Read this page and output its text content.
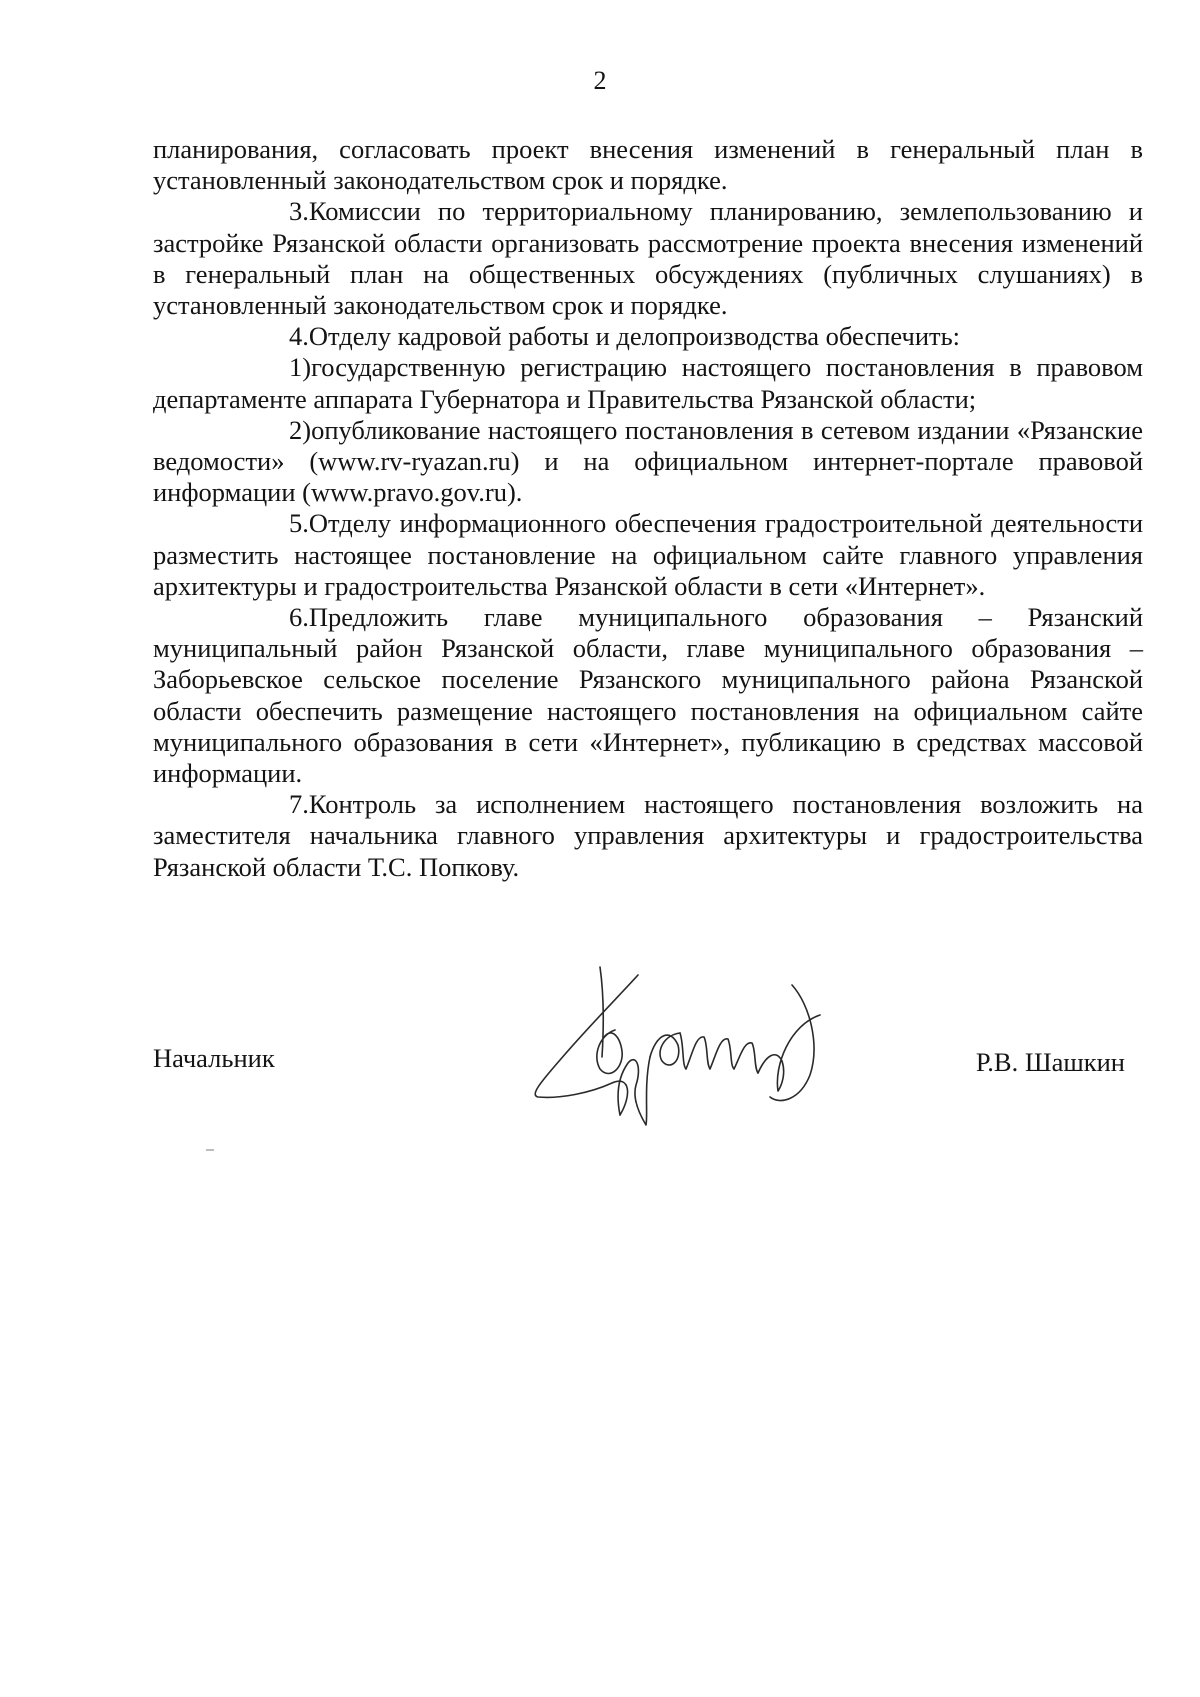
2

планирования, согласовать проект внесения изменений в генеральный план в установленный законодательством срок и порядке.

3.Комиссии по территориальному планированию, землепользованию и застройке Рязанской области организовать рассмотрение проекта внесения изменений в генеральный план на общественных обсуждениях (публичных слушаниях) в установленный законодательством срок и порядке.

4.Отделу кадровой работы и делопроизводства обеспечить:

1)государственную регистрацию настоящего постановления в правовом департаменте аппарата Губернатора и Правительства Рязанской области;

2)опубликование настоящего постановления в сетевом издании «Рязанские ведомости» (www.rv-ryazan.ru) и на официальном интернет-портале правовой информации (www.pravo.gov.ru).

5.Отделу информационного обеспечения градостроительной деятельности разместить настоящее постановление на официальном сайте главного управления архитектуры и градостроительства Рязанской области в сети «Интернет».

6.Предложить главе муниципального образования – Рязанский муниципальный район Рязанской области, главе муниципального образования – Заборьевское сельское поселение Рязанского муниципального района Рязанской области обеспечить размещение настоящего постановления на официальном сайте муниципального образования в сети «Интернет», публикацию в средствах массовой информации.

7.Контроль за исполнением настоящего постановления возложить на заместителя начальника главного управления архитектуры и градостроительства Рязанской области Т.С. Попкову.

Начальник	Р.В. Шашкин
